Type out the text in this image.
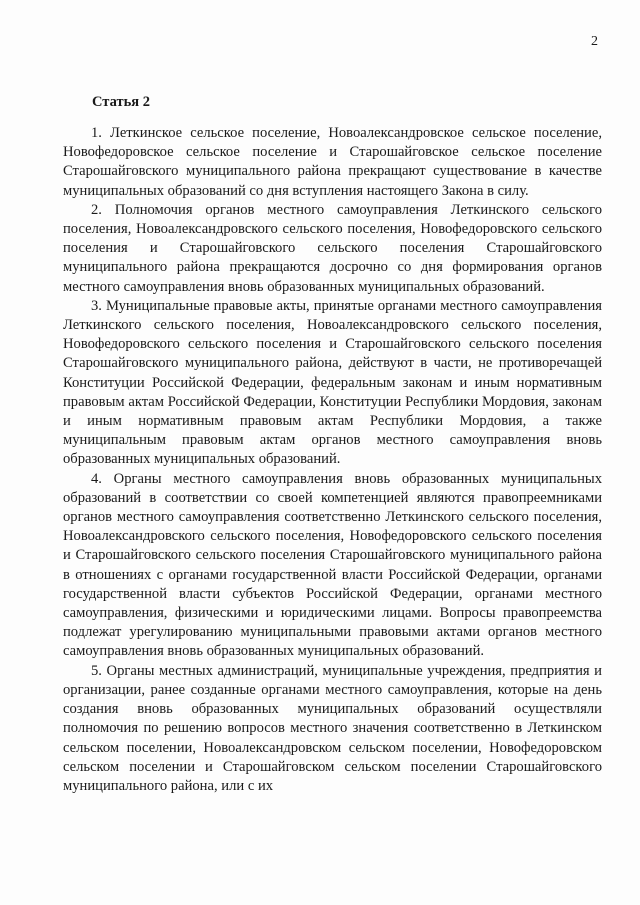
2
Статья 2

1. Леткинское сельское поселение, Новоалександровское сельское поселение, Новофедоровское сельское поселение и Старошайговское сельское поселение Старошайговского муниципального района прекращают существование в качестве муниципальных образований со дня вступления настоящего Закона в силу.

2. Полномочия органов местного самоуправления Леткинского сельского поселения, Новоалександровского сельского поселения, Новофедоровского сельского поселения и Старошайговского сельского поселения Старошайговского муниципального района прекращаются досрочно со дня формирования органов местного самоуправления вновь образованных муниципальных образований.

3. Муниципальные правовые акты, принятые органами местного самоуправления Леткинского сельского поселения, Новоалександровского сельского поселения, Новофедоровского сельского поселения и Старошайговского сельского поселения Старошайговского муниципального района, действуют в части, не противоречащей Конституции Российской Федерации, федеральным законам и иным нормативным правовым актам Российской Федерации, Конституции Республики Мордовия, законам и иным нормативным правовым актам Республики Мордовия, а также муниципальным правовым актам органов местного самоуправления вновь образованных муниципальных образований.

4. Органы местного самоуправления вновь образованных муниципальных образований в соответствии со своей компетенцией являются правопреемниками органов местного самоуправления соответственно Леткинского сельского поселения, Новоалександровского сельского поселения, Новофедоровского сельского поселения и Старошайговского сельского поселения Старошайговского муниципального района в отношениях с органами государственной власти Российской Федерации, органами государственной власти субъектов Российской Федерации, органами местного самоуправления, физическими и юридическими лицами. Вопросы правопреемства подлежат урегулированию муниципальными правовыми актами органов местного самоуправления вновь образованных муниципальных образований.

5. Органы местных администраций, муниципальные учреждения, предприятия и организации, ранее созданные органами местного самоуправления, которые на день создания вновь образованных муниципальных образований осуществляли полномочия по решению вопросов местного значения соответственно в Леткинском сельском поселении, Новоалександровском сельском поселении, Новофедоровском сельском поселении и Старошайговском сельском поселении Старошайговского муниципального района, или с их
